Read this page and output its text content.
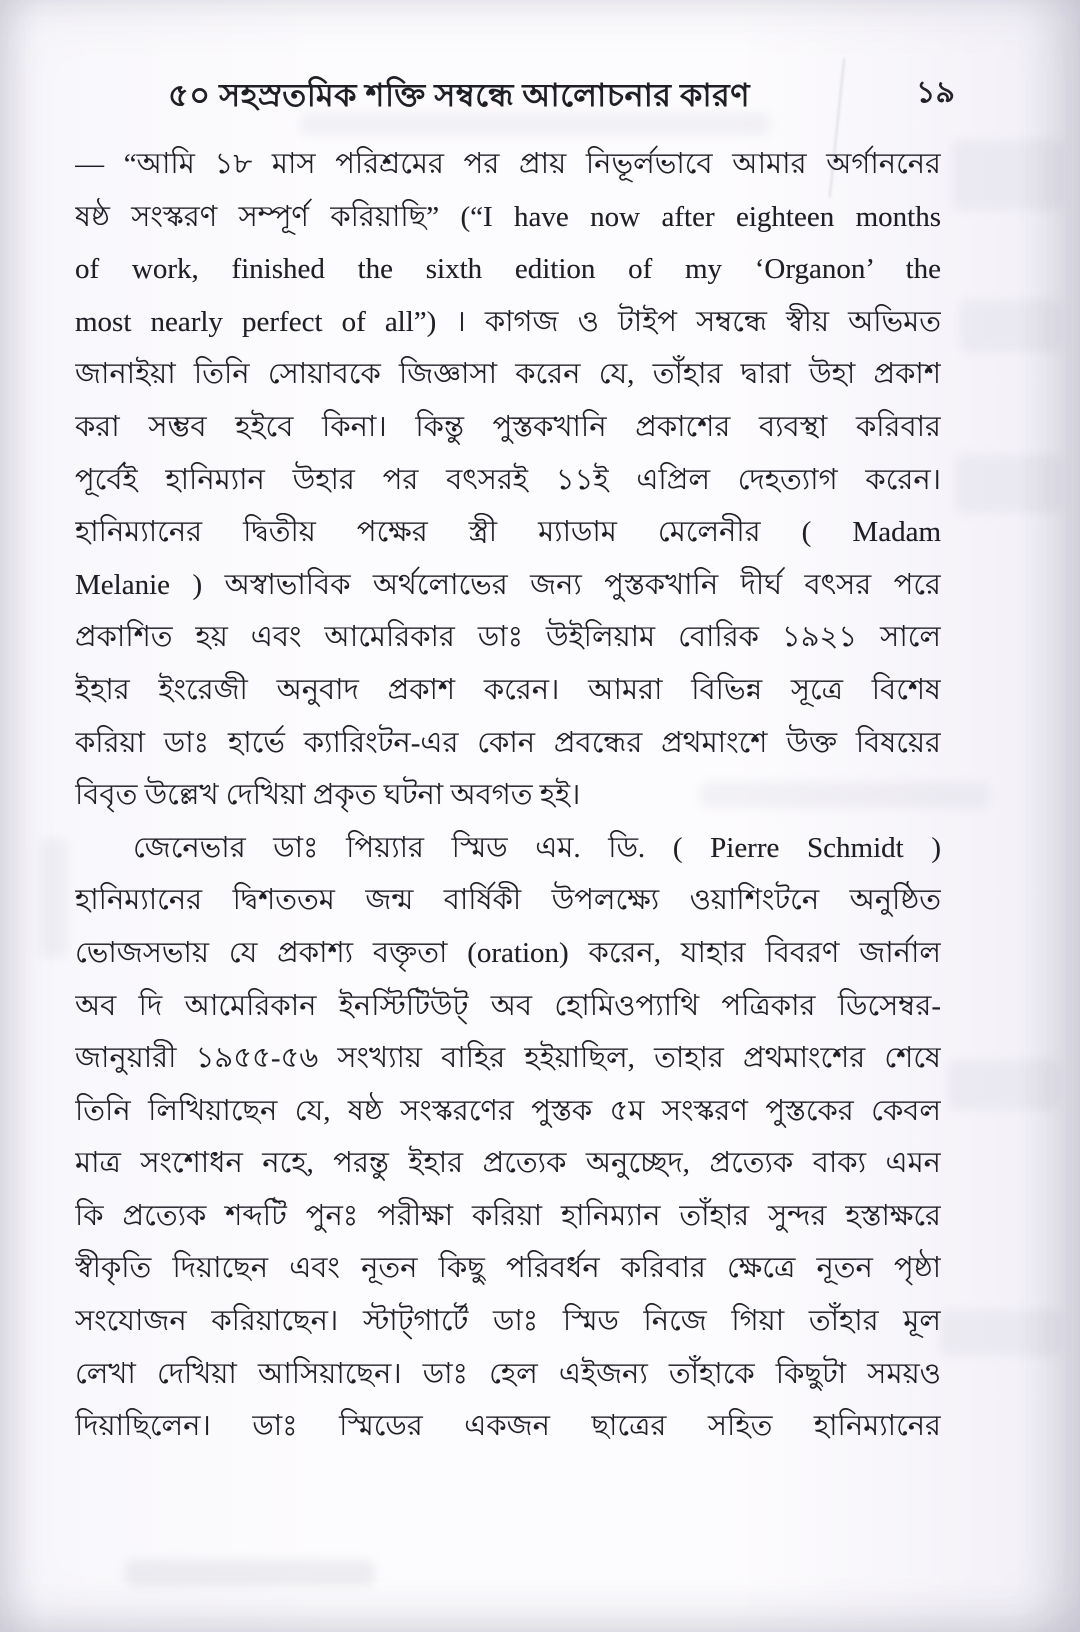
৫০ সহস্রতমিক শক্তি সম্বন্ধে আলোচনার কারণ	১৯
— “আমি ১৮ মাস পরিশ্রমের পর প্রায় নিভূর্লভাবে আমার অর্গাননের
ষষ্ঠ সংস্করণ সম্পূর্ণ করিয়াছি” (“I have now after eighteen months
of work, finished the sixth edition of my ‘Organon’ the
most nearly perfect of all”) । কাগজ ও টাইপ সম্বন্ধে স্বীয় অভিমত
জানাইয়া তিনি সোয়াবকে জিজ্ঞাসা করেন যে, তাঁহার দ্বারা উহা প্রকাশ
করা সম্ভব হইবে কিনা। কিন্তু পুস্তকখানি প্রকাশের ব্যবস্থা করিবার
পূর্বেই হানিম্যান উহার পর বৎসরই ১১ই এপ্রিল দেহত্যাগ করেন।
হানিম্যানের দ্বিতীয় পক্ষের স্ত্রী ম্যাডাম মেলেনীর ( Madam
Melanie ) অস্বাভাবিক অর্থলোভের জন্য পুস্তকখানি দীর্ঘ বৎসর পরে
প্রকাশিত হয় এবং আমেরিকার ডাঃ উইলিয়াম বোরিক ১৯২১ সালে
ইহার ইংরেজী অনুবাদ প্রকাশ করেন। আমরা বিভিন্ন সূত্রে বিশেষ
করিয়া ডাঃ হার্ভে ক্যারিংটন-এর কোন প্রবন্ধের প্রথমাংশে উক্ত বিষয়ের
বিবৃত উল্লেখ দেখিয়া প্রকৃত ঘটনা অবগত হই।
জেনেভার ডাঃ পিয়্যার স্মিড এম. ডি. ( Pierre Schmidt )
হানিম্যানের দ্বিশততম জন্ম বার্ষিকী উপলক্ষ্যে ওয়াশিংটনে অনুষ্ঠিত
ভোজসভায় যে প্রকাশ্য বক্তৃতা (oration) করেন, যাহার বিবরণ জার্নাল
অব দি আমেরিকান ইনস্টিটিউট্ অব হোমিওপ্যাথি পত্রিকার ডিসেম্বর-
জানুয়ারী ১৯৫৫-৫৬ সংখ্যায় বাহির হইয়াছিল, তাহার প্রথমাংশের শেষে
তিনি লিখিয়াছেন যে, ষষ্ঠ সংস্করণের পুস্তক ৫ম সংস্করণ পুস্তকের কেবল
মাত্র সংশোধন নহে, পরন্তু ইহার প্রত্যেক অনুচ্ছেদ, প্রত্যেক বাক্য এমন
কি প্রত্যেক শব্দটি পুনঃ পরীক্ষা করিয়া হানিম্যান তাঁহার সুন্দর হস্তাক্ষরে
স্বীকৃতি দিয়াছেন এবং নূতন কিছু পরিবর্ধন করিবার ক্ষেত্রে নূতন পৃষ্ঠা
সংযোজন করিয়াছেন। স্টাট্গার্টে ডাঃ স্মিড নিজে গিয়া তাঁহার মূল
লেখা দেখিয়া আসিয়াছেন। ডাঃ হেল এইজন্য তাঁহাকে কিছুটা সময়ও
দিয়াছিলেন। ডাঃ স্মিডের একজন ছাত্রের সহিত হানিম্যানের
